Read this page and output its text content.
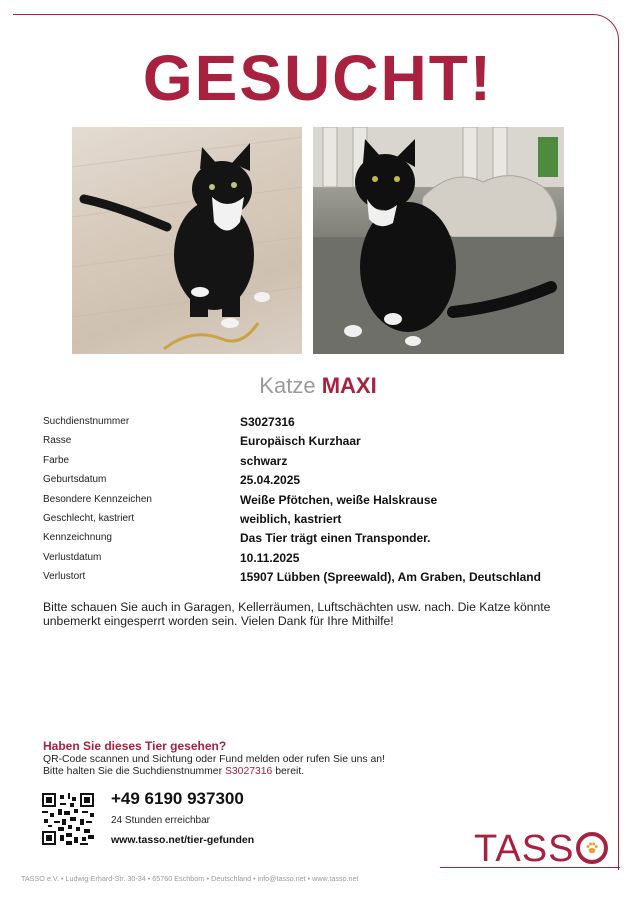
GESUCHT!
Katze MAXI
Suchdienstnummer	S3027316
Rasse	Europäisch Kurzhaar
Farbe	schwarz
Geburtsdatum	25.04.2025
Besondere Kennzeichen	Weiße Pfötchen, weiße Halskrause
Geschlecht, kastriert	weiblich, kastriert
Kennzeichnung	Das Tier trägt einen Transponder.
Verlustdatum	10.11.2025
Verlustort	15907 Lübben (Spreewald), Am Graben, Deutschland
Bitte schauen Sie auch in Garagen, Kellerräumen, Luftschächten usw. nach. Die Katze könnte unbemerkt eingesperrt worden sein. Vielen Dank für Ihre Mithilfe!
Haben Sie dieses Tier gesehen?
QR-Code scannen und Sichtung oder Fund melden oder rufen Sie uns an!
Bitte halten Sie die Suchdienstnummer S3027316 bereit.
+49 6190 937300
24 Stunden erreichbar
www.tasso.net/tier-gefunden	TASS
TASSO e.V. • Ludwig-Erhard-Str. 30-34 • 65760 Eschborn • Deutschland • info@tasso.net • www.tasso.net
